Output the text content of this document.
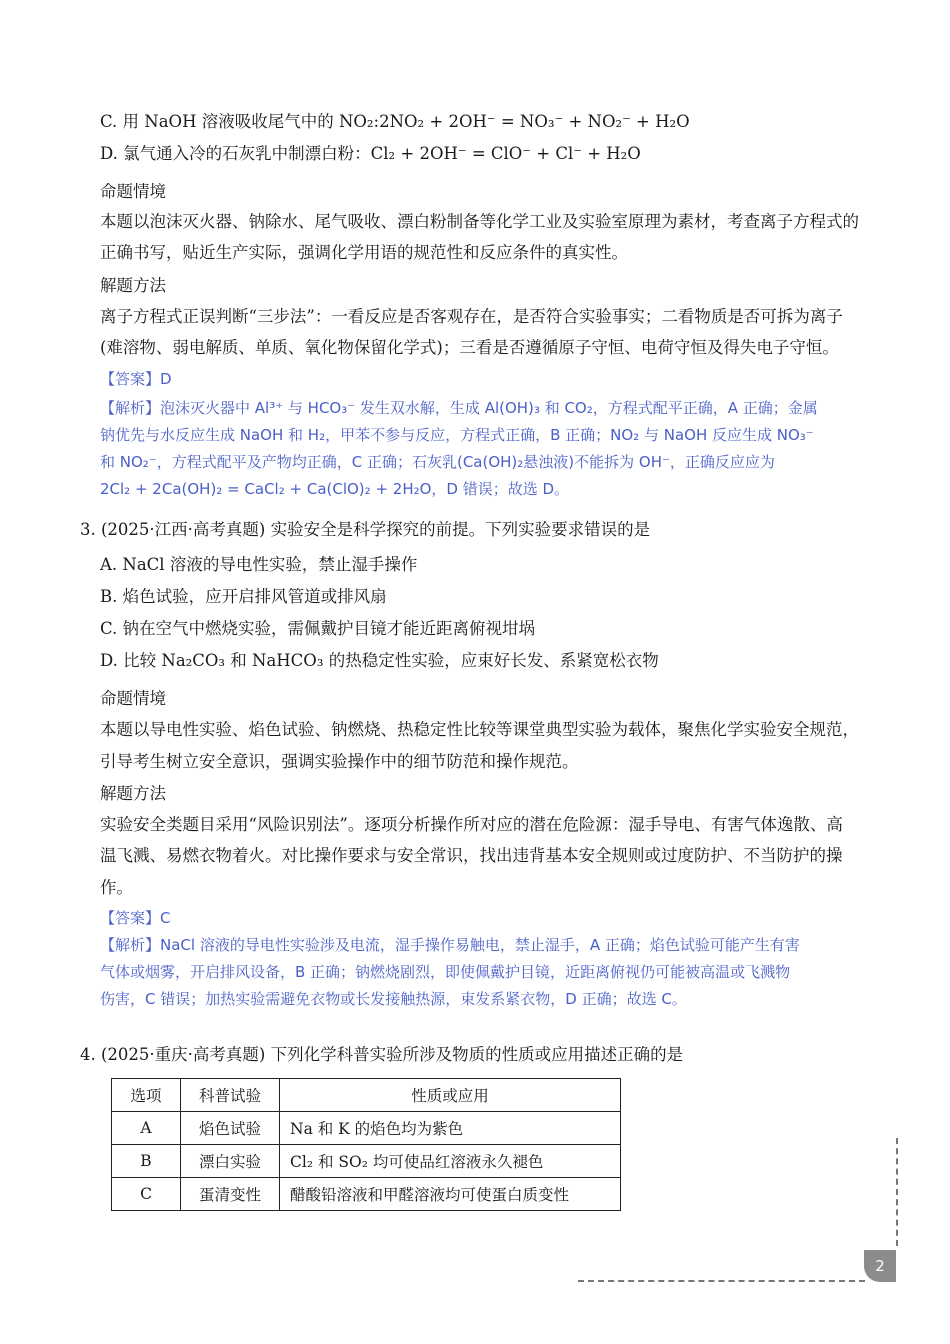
C. 用 NaOH 溶液吸收尾气中的 NO₂:2NO₂ + 2OH⁻ = NO₃⁻ + NO₂⁻ + H₂O
D. 氯气通入冷的石灰乳中制漂白粉：Cl₂ + 2OH⁻ = ClO⁻ + Cl⁻ + H₂O
命题情境
本题以泡沫灭火器、钠除水、尾气吸收、漂白粉制备等化学工业及实验室原理为素材，考查离子方程式的
正确书写，贴近生产实际，强调化学用语的规范性和反应条件的真实性。
解题方法
离子方程式正误判断“三步法”：一看反应是否客观存在，是否符合实验事实；二看物质是否可拆为离子
(难溶物、弱电解质、单质、氧化物保留化学式)；三看是否遵循原子守恒、电荷守恒及得失电子守恒。
【答案】D
【解析】泡沫灭火器中 Al³⁺ 与 HCO₃⁻ 发生双水解，生成 Al(OH)₃ 和 CO₂，方程式配平正确，A 正确；金属
钠优先与水反应生成 NaOH 和 H₂，甲苯不参与反应，方程式正确，B 正确；NO₂ 与 NaOH 反应生成 NO₃⁻
和 NO₂⁻，方程式配平及产物均正确，C 正确；石灰乳(Ca(OH)₂悬浊液)不能拆为 OH⁻，正确反应应为
2Cl₂ + 2Ca(OH)₂ = CaCl₂ + Ca(ClO)₂ + 2H₂O，D 错误；故选 D。
3. (2025·江西·高考真题) 实验安全是科学探究的前提。下列实验要求错误的是
A. NaCl 溶液的导电性实验，禁止湿手操作
B. 焰色试验，应开启排风管道或排风扇
C. 钠在空气中燃烧实验，需佩戴护目镜才能近距离俯视坩埚
D. 比较 Na₂CO₃ 和 NaHCO₃ 的热稳定性实验，应束好长发、系紧宽松衣物
命题情境
本题以导电性实验、焰色试验、钠燃烧、热稳定性比较等课堂典型实验为载体，聚焦化学实验安全规范，
引导考生树立安全意识，强调实验操作中的细节防范和操作规范。
解题方法
实验安全类题目采用“风险识别法”。逐项分析操作所对应的潜在危险源：湿手导电、有害气体逸散、高
温飞溅、易燃衣物着火。对比操作要求与安全常识，找出违背基本安全规则或过度防护、不当防护的操
作。
【答案】C
【解析】NaCl 溶液的导电性实验涉及电流，湿手操作易触电，禁止湿手，A 正确；焰色试验可能产生有害
气体或烟雾，开启排风设备，B 正确；钠燃烧剧烈，即使佩戴护目镜，近距离俯视仍可能被高温或飞溅物
伤害，C 错误；加热实验需避免衣物或长发接触热源，束发系紧衣物，D 正确；故选 C。
4. (2025·重庆·高考真题) 下列化学科普实验所涉及物质的性质或应用描述正确的是
选项	科普试验	性质或应用
A	焰色试验	Na 和 K 的焰色均为紫色
B	漂白实验	Cl₂ 和 SO₂ 均可使品红溶液永久褪色
C	蛋清变性	醋酸铅溶液和甲醛溶液均可使蛋白质变性
2
